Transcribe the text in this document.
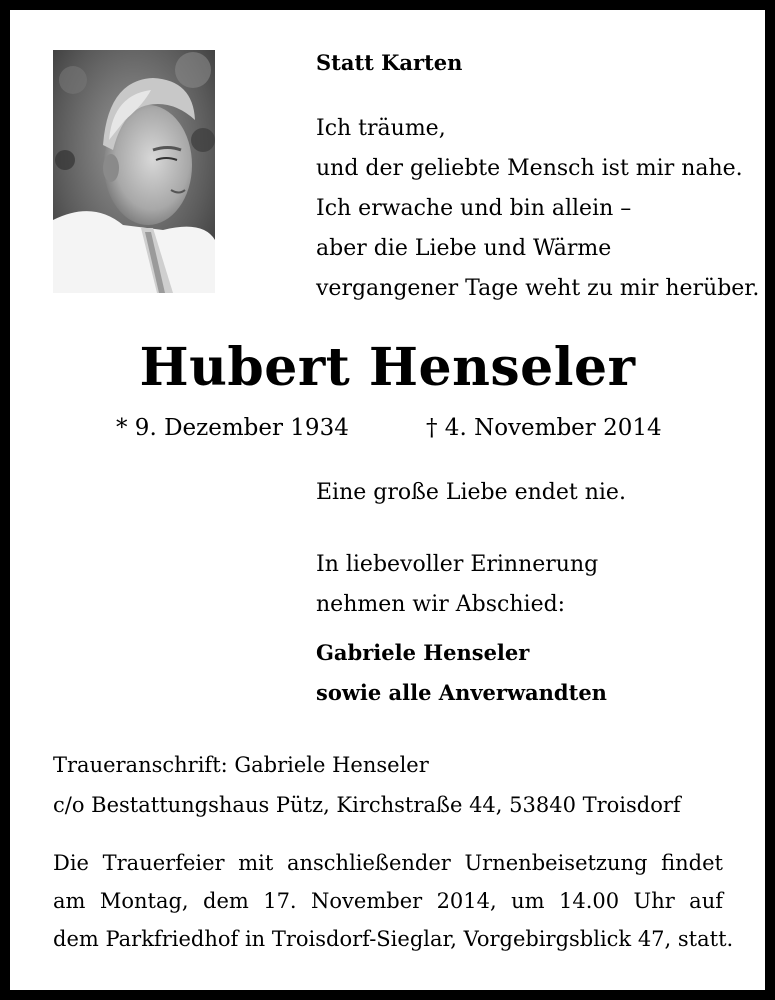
Statt Karten
Ich träume,
und der geliebte Mensch ist mir nahe.
Ich erwache und bin allein –
aber die Liebe und Wärme
vergangener Tage weht zu mir herüber.
Hubert Henseler
* 9. Dezember 1934	† 4. November 2014
Eine große Liebe endet nie.
In liebevoller Erinnerung
nehmen wir Abschied:
Gabriele Henseler
sowie alle Anverwandten
Traueranschrift: Gabriele Henseler
c/o Bestattungshaus Pütz, Kirchstraße 44, 53840 Troisdorf
Die Trauerfeier mit anschließender Urnenbeisetzung findet
am Montag, dem 17. November 2014, um 14.00 Uhr auf
dem Parkfriedhof in Troisdorf-Sieglar, Vorgebirgsblick 47, statt.
